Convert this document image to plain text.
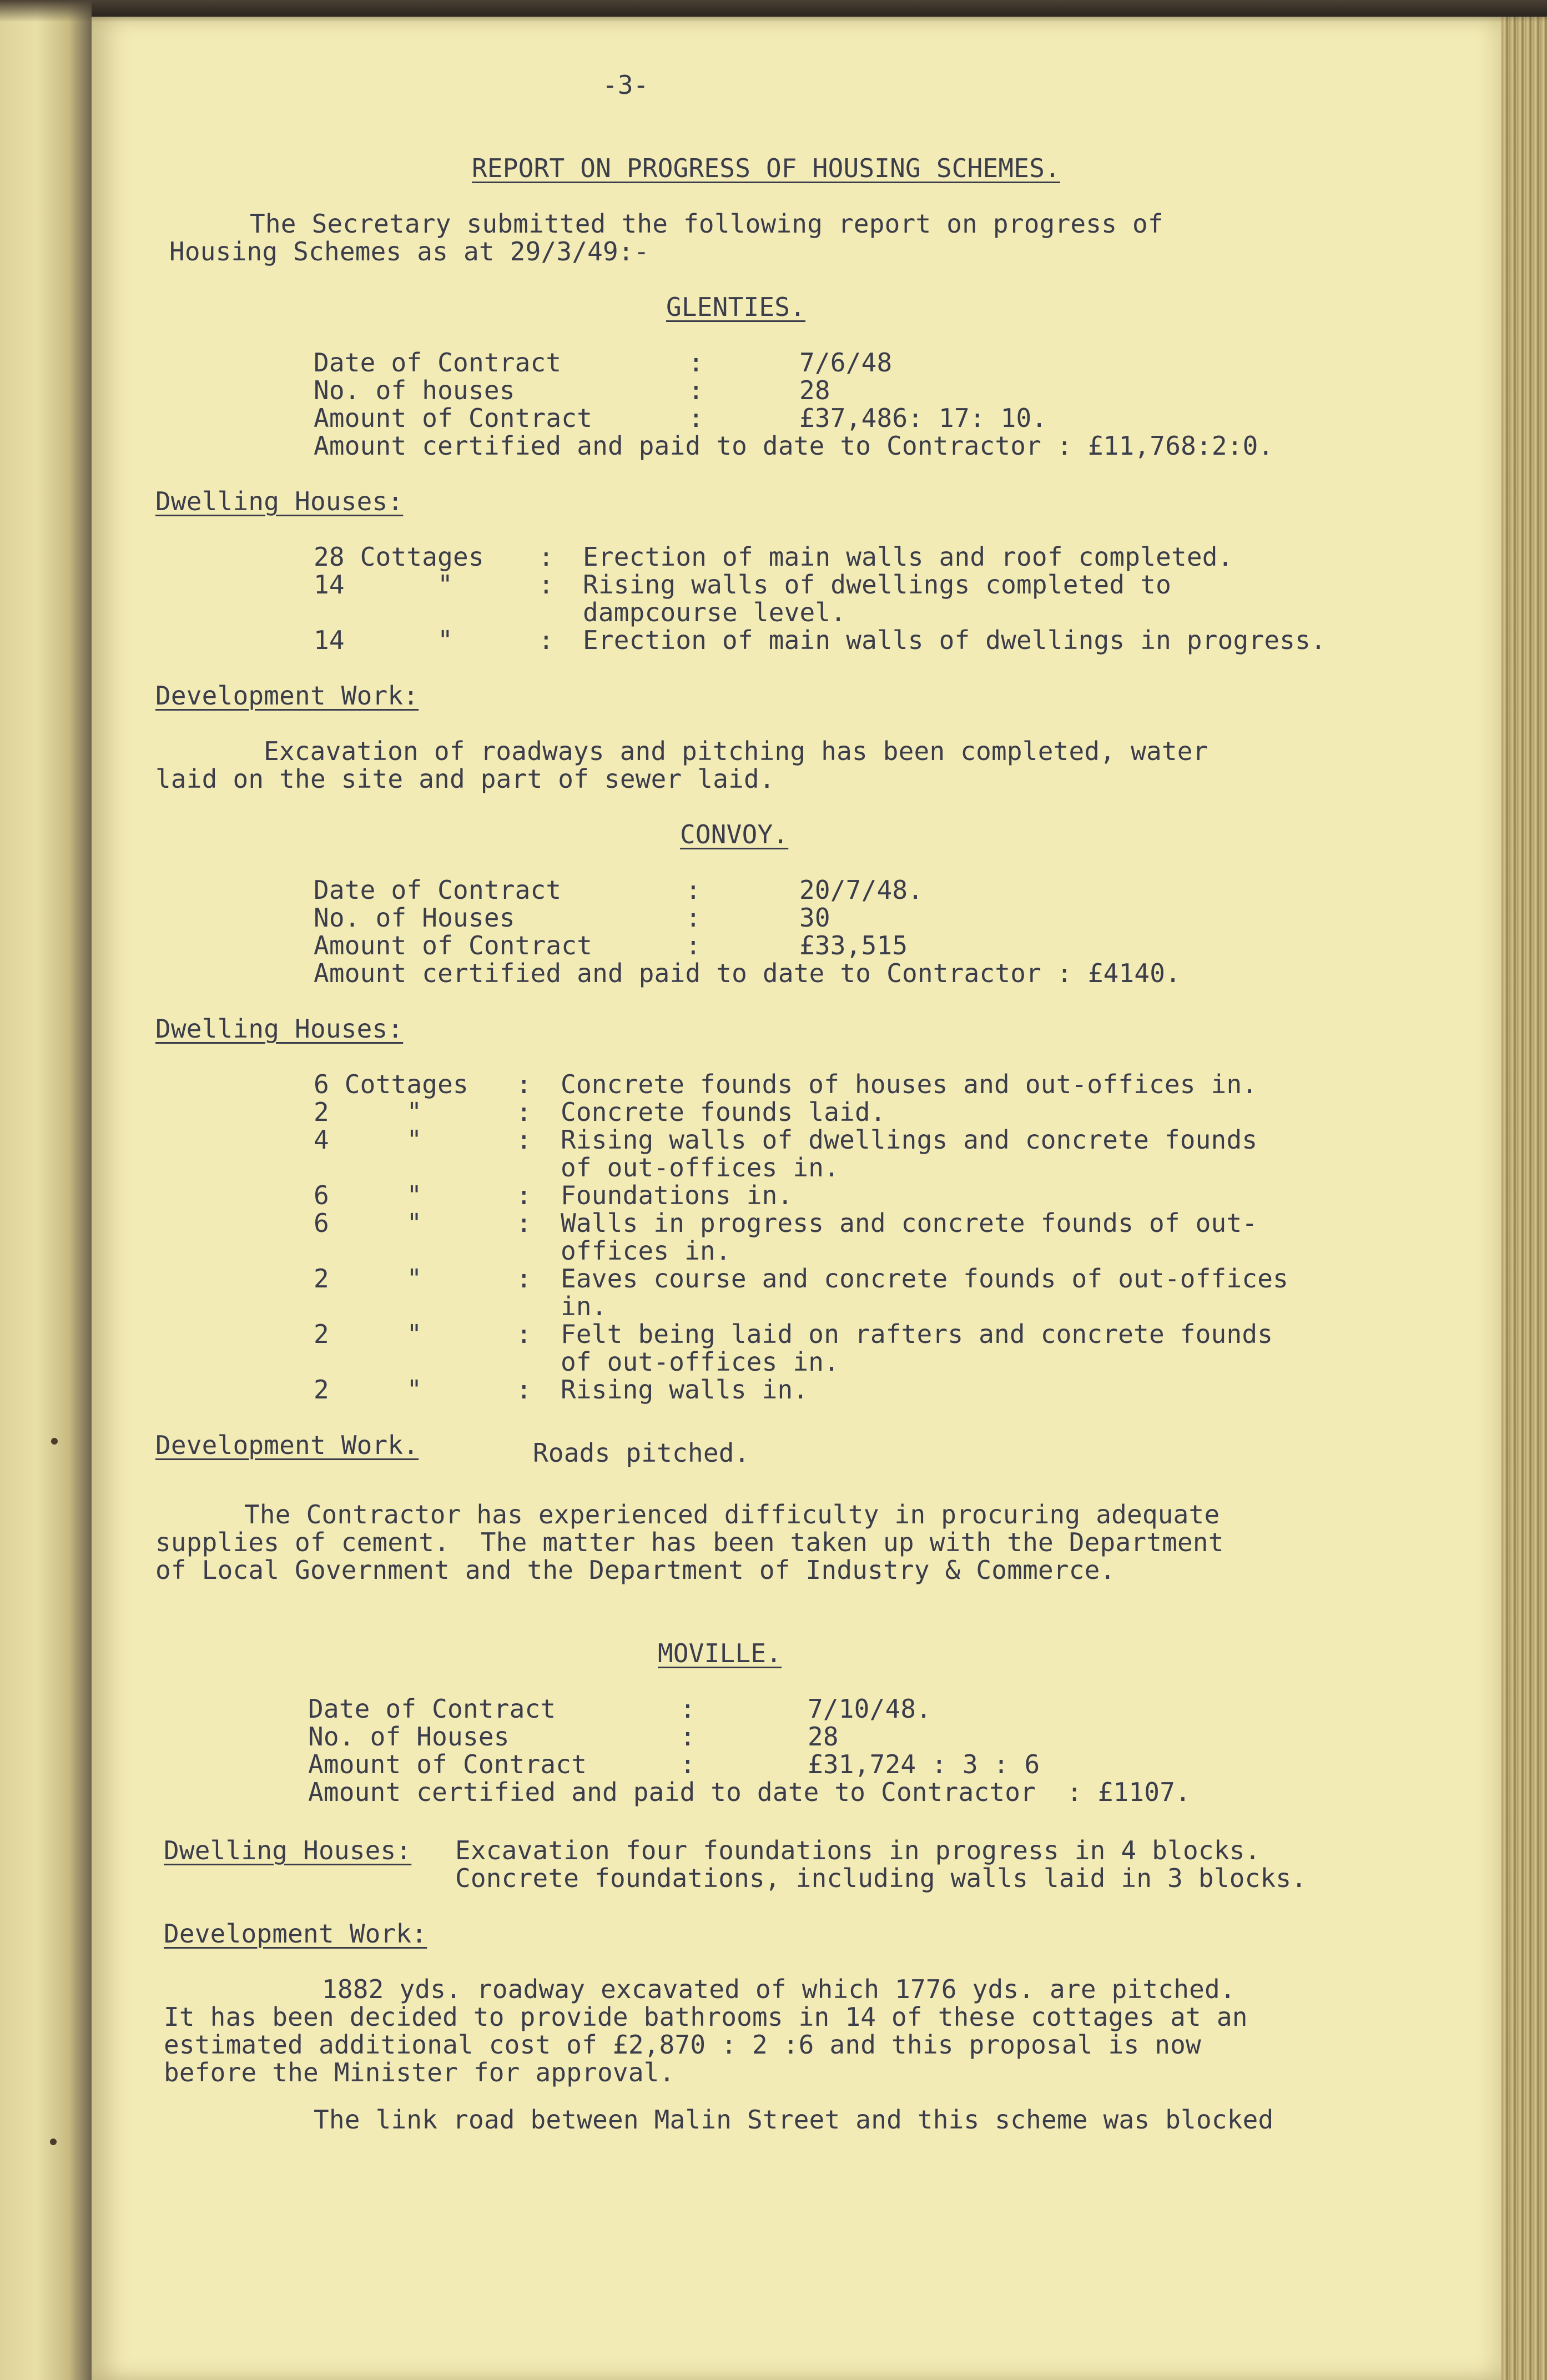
-3-
REPORT ON PROGRESS OF HOUSING SCHEMES.
The Secretary submitted the following report on progress of
Housing Schemes as at 29/3/49:-
GLENTIES.
Date of Contract	:	7/6/48
No. of houses	:	28
Amount of Contract	:	£37,486: 17: 10.
Amount certified and paid to date to Contractor : £11,768:2:0.
Dwelling Houses:
28 Cottages : Erection of main walls and roof completed.
14      "	: Rising walls of dwellings completed to
dampcourse level.
14      "	: Erection of main walls of dwellings in progress.
Development Work:
Excavation of roadways and pitching has been completed, water
laid on the site and part of sewer laid.
CONVOY.
Date of Contract	:	20/7/48.
No. of Houses	:	30
Amount of Contract	:	£33,515
Amount certified and paid to date to Contractor : £4140.
Dwelling Houses:
6 Cottages : Concrete founds of houses and out-offices in.
2     "	: Concrete founds laid.
4     "	: Rising walls of dwellings and concrete founds
of out-offices in.
6     "	: Foundations in.
6     "	: Walls in progress and concrete founds of out-
offices in.
2     "	: Eaves course and concrete founds of out-offices
in.
2     "	: Felt being laid on rafters and concrete founds
of out-offices in.
2     "	: Rising walls in.
Development Work.	Roads pitched.
The Contractor has experienced difficulty in procuring adequate
supplies of cement.  The matter has been taken up with the Department
of Local Government and the Department of Industry & Commerce.
MOVILLE.
Date of Contract	:	7/10/48.
No. of Houses	:	28
Amount of Contract	:	£31,724 : 3 : 6
Amount certified and paid to date to Contractor  : £1107.
Dwelling Houses: Excavation four foundations in progress in 4 blocks.
Concrete foundations, including walls laid in 3 blocks.
Development Work:
1882 yds. roadway excavated of which 1776 yds. are pitched.
It has been decided to provide bathrooms in 14 of these cottages at an
estimated additional cost of £2,870 : 2 :6 and this proposal is now
before the Minister for approval.
The link road between Malin Street and this scheme was blocked
